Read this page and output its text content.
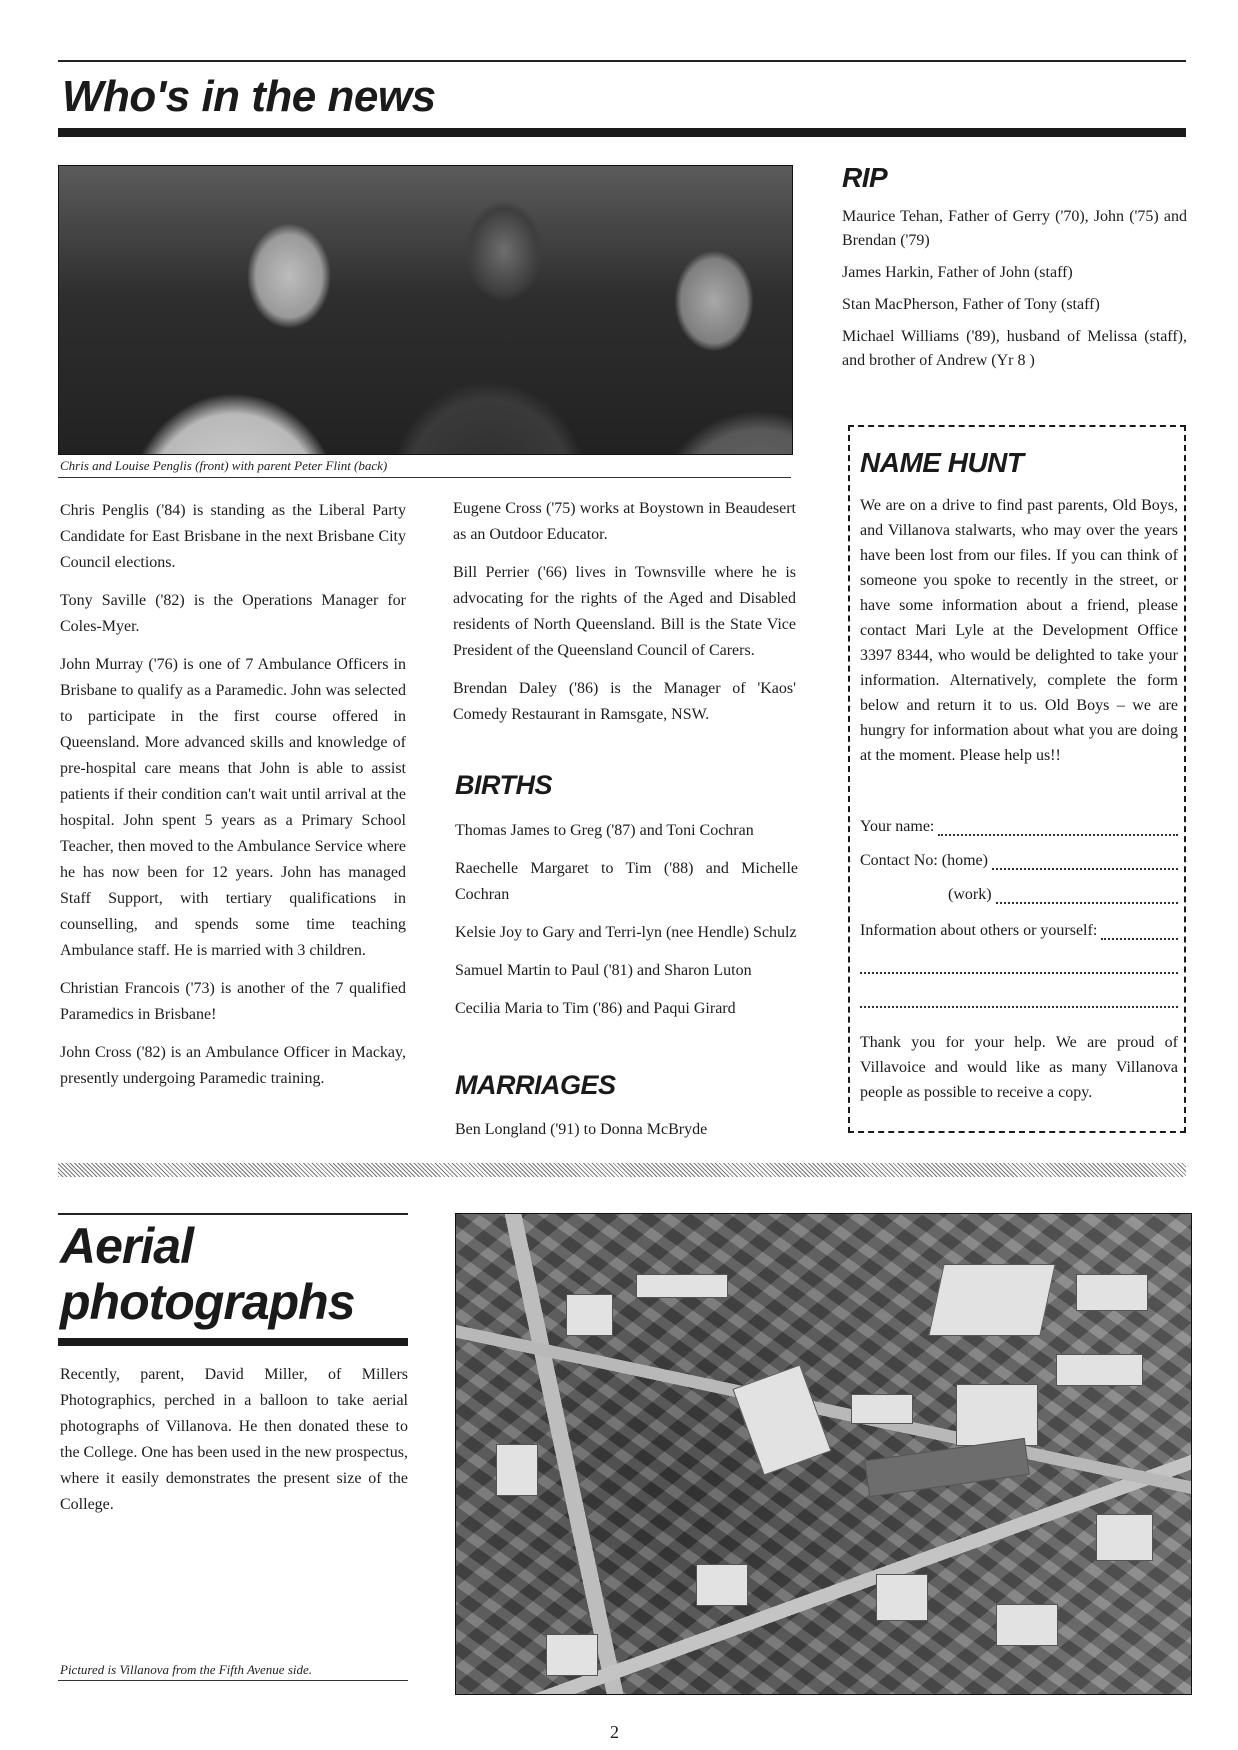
Who's in the news
Chris and Louise Penglis (front) with parent Peter Flint (back)

Chris Penglis ('84) is standing as the Liberal Party Candidate for East Brisbane in the next Brisbane City Council elections.

Tony Saville ('82) is the Operations Manager for Coles-Myer.

John Murray ('76) is one of 7 Ambulance Officers in Brisbane to qualify as a Paramedic. John was selected to participate in the first course offered in Queensland. More advanced skills and knowledge of pre-hospital care means that John is able to assist patients if their condition can't wait until arrival at the hospital. John spent 5 years as a Primary School Teacher, then moved to the Ambulance Service where he has now been for 12 years. John has managed Staff Support, with tertiary qualifications in counselling, and spends some time teaching Ambulance staff. He is married with 3 children.

Christian Francois ('73) is another of the 7 qualified Paramedics in Brisbane!

John Cross ('82) is an Ambulance Officer in Mackay, presently undergoing Paramedic training.

Eugene Cross ('75) works at Boystown in Beaudesert as an Outdoor Educator.

Bill Perrier ('66) lives in Townsville where he is advocating for the rights of the Aged and Disabled residents of North Queensland. Bill is the State Vice President of the Queensland Council of Carers.

Brendan Daley ('86) is the Manager of 'Kaos' Comedy Restaurant in Ramsgate, NSW.

BIRTHS

Thomas James to Greg ('87) and Toni Cochran

Raechelle Margaret to Tim ('88) and Michelle Cochran

Kelsie Joy to Gary and Terri-lyn (nee Hendle) Schulz

Samuel Martin to Paul ('81) and Sharon Luton

Cecilia Maria to Tim ('86) and Paqui Girard

MARRIAGES

Ben Longland ('91) to Donna McBryde

RIP

Maurice Tehan, Father of Gerry ('70), John ('75) and Brendan ('79)

James Harkin, Father of John (staff)

Stan MacPherson, Father of Tony (staff)

Michael Williams ('89), husband of Melissa (staff), and brother of Andrew (Yr 8 )

NAME HUNT
We are on a drive to find past parents, Old Boys, and Villanova stalwarts, who may over the years have been lost from our files. If you can think of someone you spoke to recently in the street, or have some information about a friend, please contact Mari Lyle at the Development Office 3397 8344, who would be delighted to take your information. Alternatively, complete the form below and return it to us. Old Boys – we are hungry for information about what you are doing at the moment. Please help us!!
Your name:
Contact No: (home)
(work)
Information about others or yourself:
Thank you for your help. We are proud of Villavoice and would like as many Villanova people as possible to receive a copy.
Aerial
photographs

Recently, parent, David Miller, of Millers Photographics, perched in a balloon to take aerial photographs of Villanova. He then donated these to the College. One has been used in the new prospectus, where it easily demonstrates the present size of the College.

Pictured is Villanova from the Fifth Avenue side.
2
